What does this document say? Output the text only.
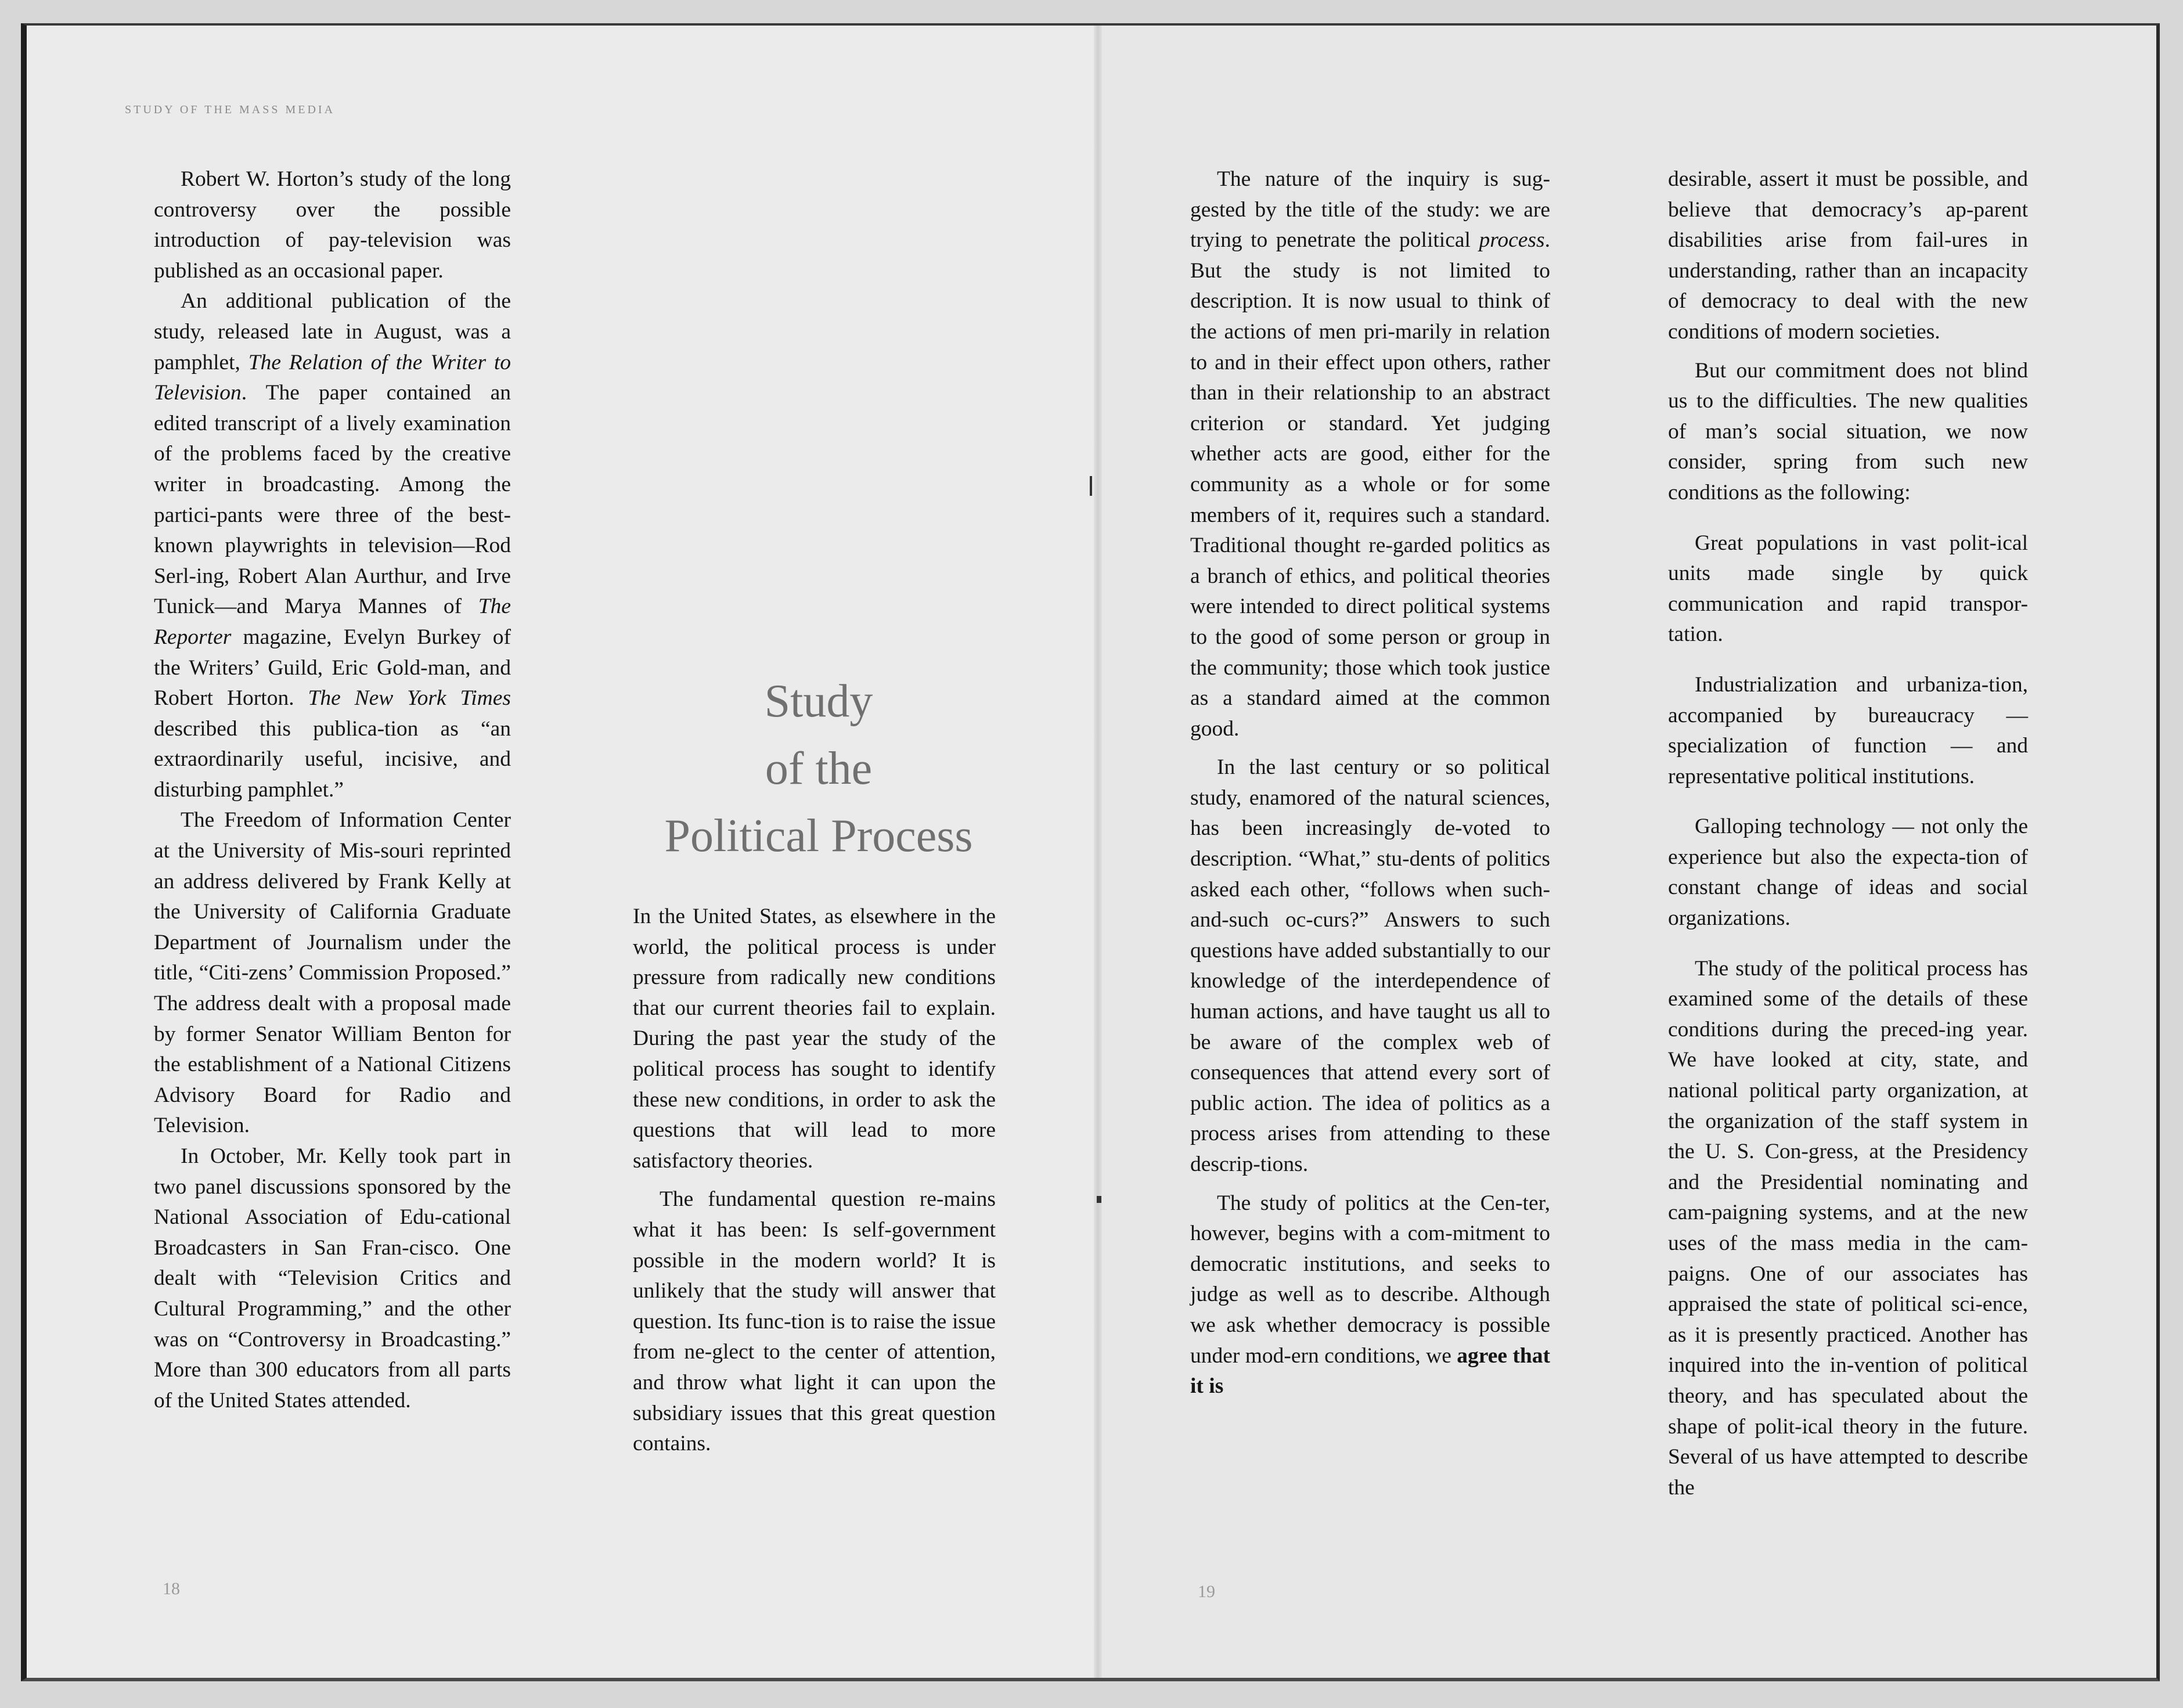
STUDY OF THE MASS MEDIA

Robert W. Horton’s study of the long controversy over the possible introduction of pay-television was published as an occasional paper.

An additional publication of the study, released late in August, was a pamphlet, The Relation of the Writer to Television. The paper contained an edited transcript of a lively examination of the problems faced by the creative writer in broadcasting. Among the partici-pants were three of the best-known playwrights in television—Rod Serl-ing, Robert Alan Aurthur, and Irve Tunick—and Marya Mannes of The Reporter magazine, Evelyn Burkey of the Writers’ Guild, Eric Gold-man, and Robert Horton. The New York Times described this publica-tion as “an extraordinarily useful, incisive, and disturbing pamphlet.”

The Freedom of Information Center at the University of Mis-souri reprinted an address delivered by Frank Kelly at the University of California Graduate Department of Journalism under the title, “Citi-zens’ Commission Proposed.” The address dealt with a proposal made by former Senator William Benton for the establishment of a National Citizens Advisory Board for Radio and Television.

In October, Mr. Kelly took part in two panel discussions sponsored by the National Association of Edu-cational Broadcasters in San Fran-cisco. One dealt with “Television Critics and Cultural Programming,” and the other was on “Controversy in Broadcasting.” More than 300 educators from all parts of the United States attended.

Study
of the
Political Process

In the United States, as elsewhere in the world, the political process is under pressure from radically new conditions that our current theories fail to explain. During the past year the study of the political process has sought to identify these new conditions, in order to ask the questions that will lead to more satisfactory theories.

The fundamental question re-mains what it has been: Is self-government possible in the modern world? It is unlikely that the study will answer that question. Its func-tion is to raise the issue from ne-glect to the center of attention, and throw what light it can upon the subsidiary issues that this great question contains.

18

The nature of the inquiry is sug-gested by the title of the study: we are trying to penetrate the political process. But the study is not limited to description. It is now usual to think of the actions of men pri-marily in relation to and in their effect upon others, rather than in their relationship to an abstract criterion or standard. Yet judging whether acts are good, either for the community as a whole or for some members of it, requires such a standard. Traditional thought re-garded politics as a branch of ethics, and political theories were intended to direct political systems to the good of some person or group in the community; those which took justice as a standard aimed at the common good.

In the last century or so political study, enamored of the natural sciences, has been increasingly de-voted to description. “What,” stu-dents of politics asked each other, “follows when such-and-such oc-curs?” Answers to such questions have added substantially to our knowledge of the interdependence of human actions, and have taught us all to be aware of the complex web of consequences that attend every sort of public action. The idea of politics as a process arises from attending to these descrip-tions.

The study of politics at the Cen-ter, however, begins with a com-mitment to democratic institutions, and seeks to judge as well as to describe. Although we ask whether democracy is possible under mod-ern conditions, we agree that it is

desirable, assert it must be possible, and believe that democracy’s ap-parent disabilities arise from fail-ures in understanding, rather than an incapacity of democracy to deal with the new conditions of modern societies.

But our commitment does not blind us to the difficulties. The new qualities of man’s social situation, we now consider, spring from such new conditions as the following:

Great populations in vast polit-ical units made single by quick communication and rapid transpor-tation.

Industrialization and urbaniza-tion, accompanied by bureaucracy — specialization of function — and representative political institutions.

Galloping technology — not only the experience but also the expecta-tion of constant change of ideas and social organizations.

The study of the political process has examined some of the details of these conditions during the preced-ing year. We have looked at city, state, and national political party organization, at the organization of the staff system in the U. S. Con-gress, at the Presidency and the Presidential nominating and cam-paigning systems, and at the new uses of the mass media in the cam-paigns. One of our associates has appraised the state of political sci-ence, as it is presently practiced. Another has inquired into the in-vention of political theory, and has speculated about the shape of polit-ical theory in the future. Several of us have attempted to describe the

19
